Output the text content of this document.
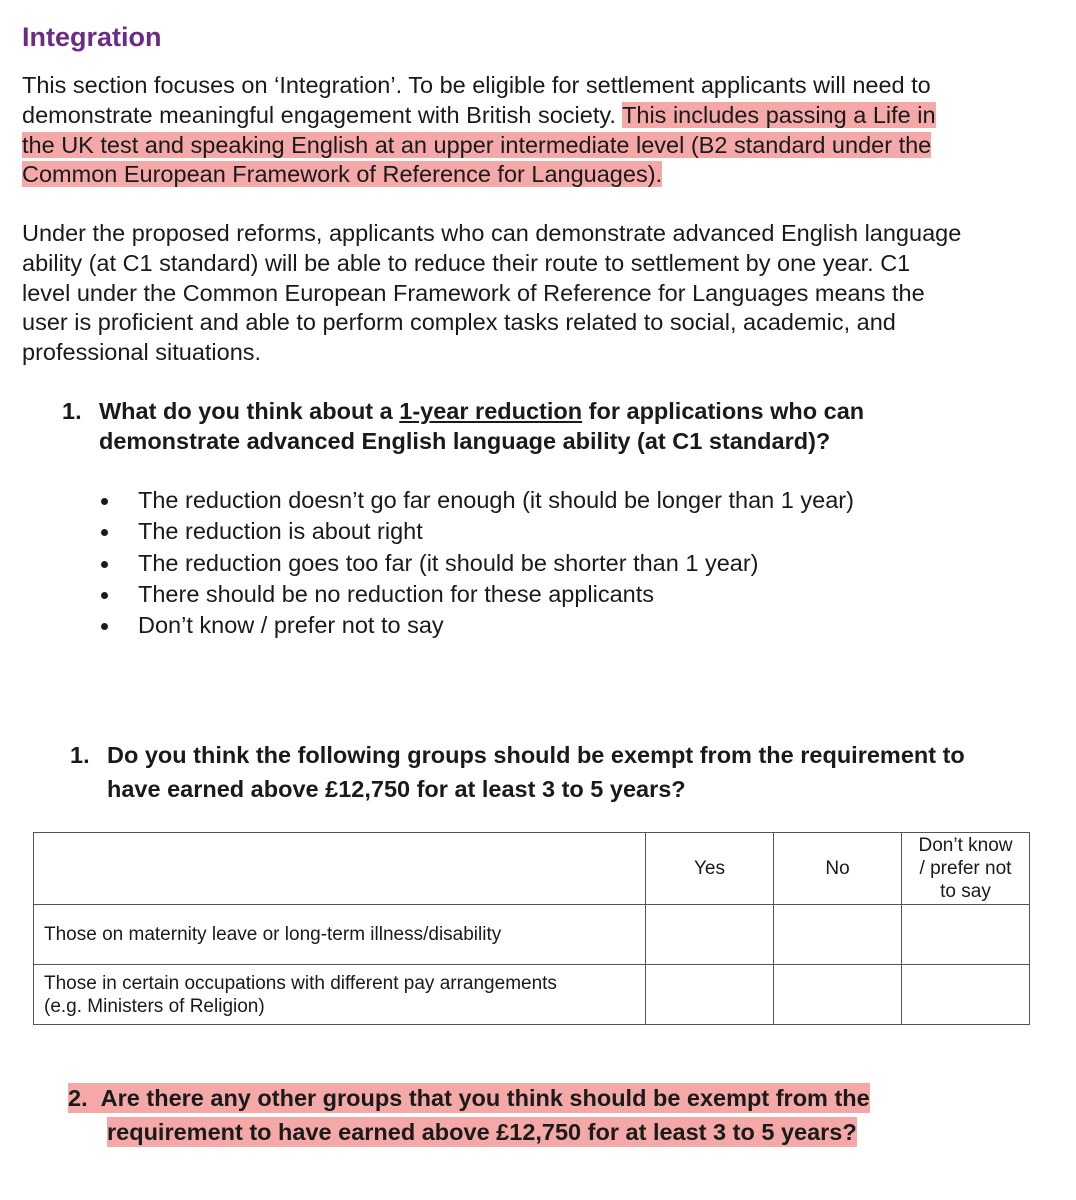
Integration
This section focuses on ‘Integration’. To be eligible for settlement applicants will need to
demonstrate meaningful engagement with British society. This includes passing a Life in
the UK test and speaking English at an upper intermediate level (B2 standard under the
Common European Framework of Reference for Languages).
Under the proposed reforms, applicants who can demonstrate advanced English language
ability (at C1 standard) will be able to reduce their route to settlement by one year. C1
level under the Common European Framework of Reference for Languages means the
user is proficient and able to perform complex tasks related to social, academic, and
professional situations.
1. What do you think about a 1-year reduction for applications who can
demonstrate advanced English language ability (at C1 standard)?
The reduction doesn’t go far enough (it should be longer than 1 year)
The reduction is about right
The reduction goes too far (it should be shorter than 1 year)
There should be no reduction for these applicants
Don’t know / prefer not to say
1. Do you think the following groups should be exempt from the requirement to
have earned above £12,750 for at least 3 to 5 years?
	Yes	No	Don’t know
/ prefer not
to say

Those on maternity leave or long-term illness/disability			

Those in certain occupations with different pay arrangements
(e.g. Ministers of Religion)			

2. Are there any other groups that you think should be exempt from the
requirement to have earned above £12,750 for at least 3 to 5 years?
